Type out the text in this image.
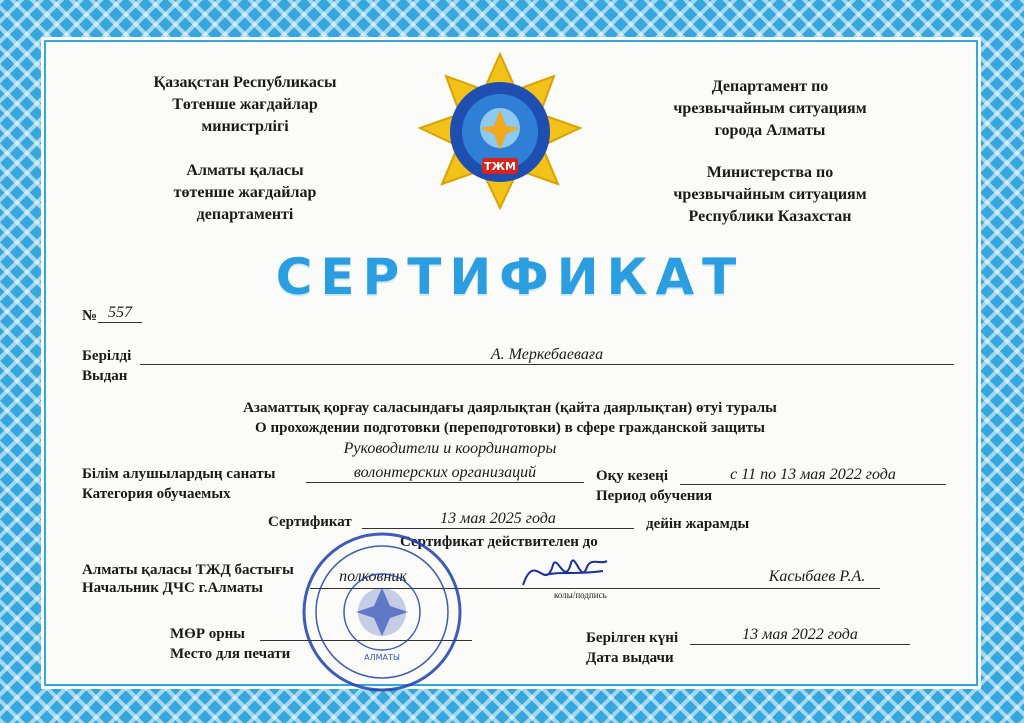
Қазақстан Республикасы
Төтенше жағдайлар
министрлігі
Алматы қаласы
төтенше жағдайлар
департаменті
Департамент по
чрезвычайным ситуациям
города Алматы
Министерства по
чрезвычайным ситуациям
Республики Казахстан
ТЖМ
СЕРТИФИКАТ
№ 557
Берілді
Выдан
А. Меркебаеваға
Азаматтық қорғау саласындағы даярлықтан (қайта даярлықтан) өтуі туралы
О прохождении подготовки (переподготовки) в сфере гражданской защиты
Руководители и координаторы
Білім алушылардың санаты
Категория обучаемых
волонтерских организаций	Оқу кезеңі
Период обучения
с 11 по 13 мая 2022 года
Сертификат	13 мая 2025 года	дейін жарамды
Сертификат действителен до
Алматы қаласы ТЖД бастығы
Начальник ДЧС г.Алматы
полковник
колы/подпись
Касыбаев Р.А.
МӨР орны
Место для печати	АЛМАТЫ
Берілген күні
Дата выдачи
13 мая 2022 года
